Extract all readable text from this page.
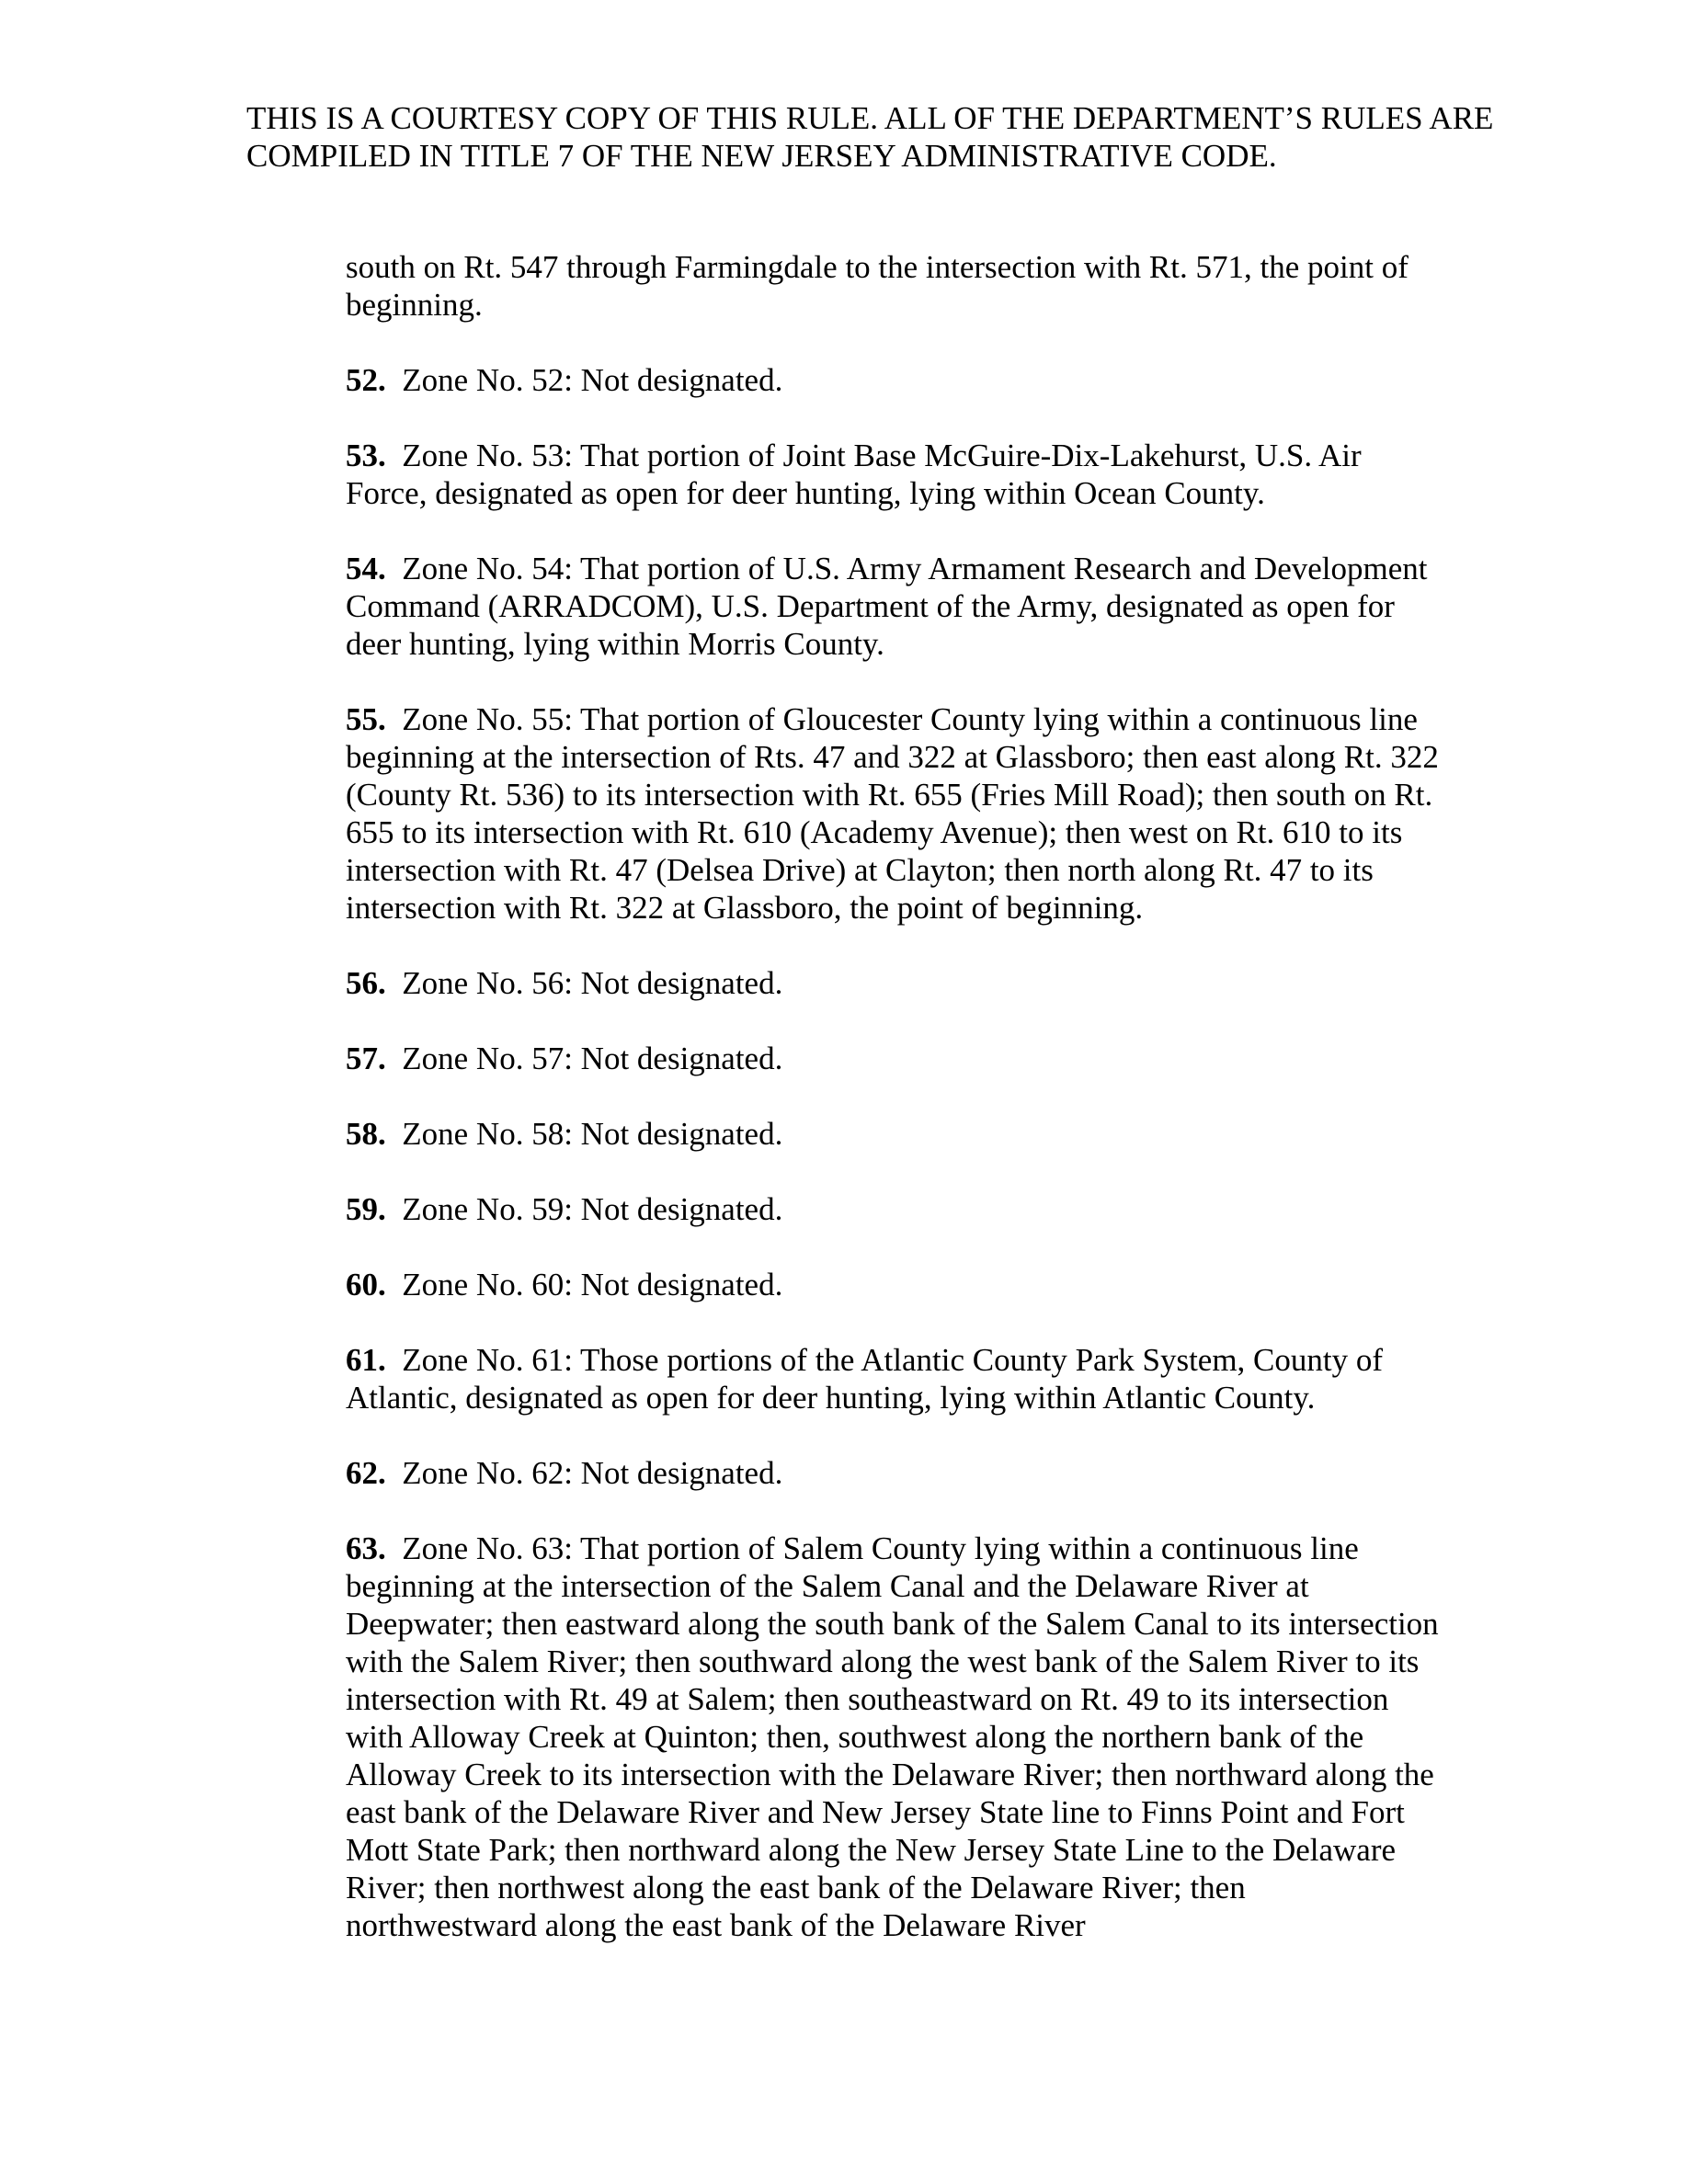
THIS IS A COURTESY COPY OF THIS RULE. ALL OF THE DEPARTMENT’S RULES ARE COMPILED IN TITLE 7 OF THE NEW JERSEY ADMINISTRATIVE CODE.

south on Rt. 547 through Farmingdale to the intersection with Rt. 571, the point of beginning.

52. Zone No. 52: Not designated.

53. Zone No. 53: That portion of Joint Base McGuire-Dix-Lakehurst, U.S. Air Force, designated as open for deer hunting, lying within Ocean County.

54. Zone No. 54: That portion of U.S. Army Armament Research and Development Command (ARRADCOM), U.S. Department of the Army, designated as open for deer hunting, lying within Morris County.

55. Zone No. 55: That portion of Gloucester County lying within a continuous line beginning at the intersection of Rts. 47 and 322 at Glassboro; then east along Rt. 322 (County Rt. 536) to its intersection with Rt. 655 (Fries Mill Road); then south on Rt. 655 to its intersection with Rt. 610 (Academy Avenue); then west on Rt. 610 to its intersection with Rt. 47 (Delsea Drive) at Clayton; then north along Rt. 47 to its intersection with Rt. 322 at Glassboro, the point of beginning.

56. Zone No. 56: Not designated.

57. Zone No. 57: Not designated.

58. Zone No. 58: Not designated.

59. Zone No. 59: Not designated.

60. Zone No. 60: Not designated.

61. Zone No. 61: Those portions of the Atlantic County Park System, County of Atlantic, designated as open for deer hunting, lying within Atlantic County.

62. Zone No. 62: Not designated.

63. Zone No. 63: That portion of Salem County lying within a continuous line beginning at the intersection of the Salem Canal and the Delaware River at Deepwater; then eastward along the south bank of the Salem Canal to its intersection with the Salem River; then southward along the west bank of the Salem River to its intersection with Rt. 49 at Salem; then southeastward on Rt. 49 to its intersection with Alloway Creek at Quinton; then, southwest along the northern bank of the Alloway Creek to its intersection with the Delaware River; then northward along the east bank of the Delaware River and New Jersey State line to Finns Point and Fort Mott State Park; then northward along the New Jersey State Line to the Delaware River; then northwest along the east bank of the Delaware River; then northwestward along the east bank of the Delaware River
